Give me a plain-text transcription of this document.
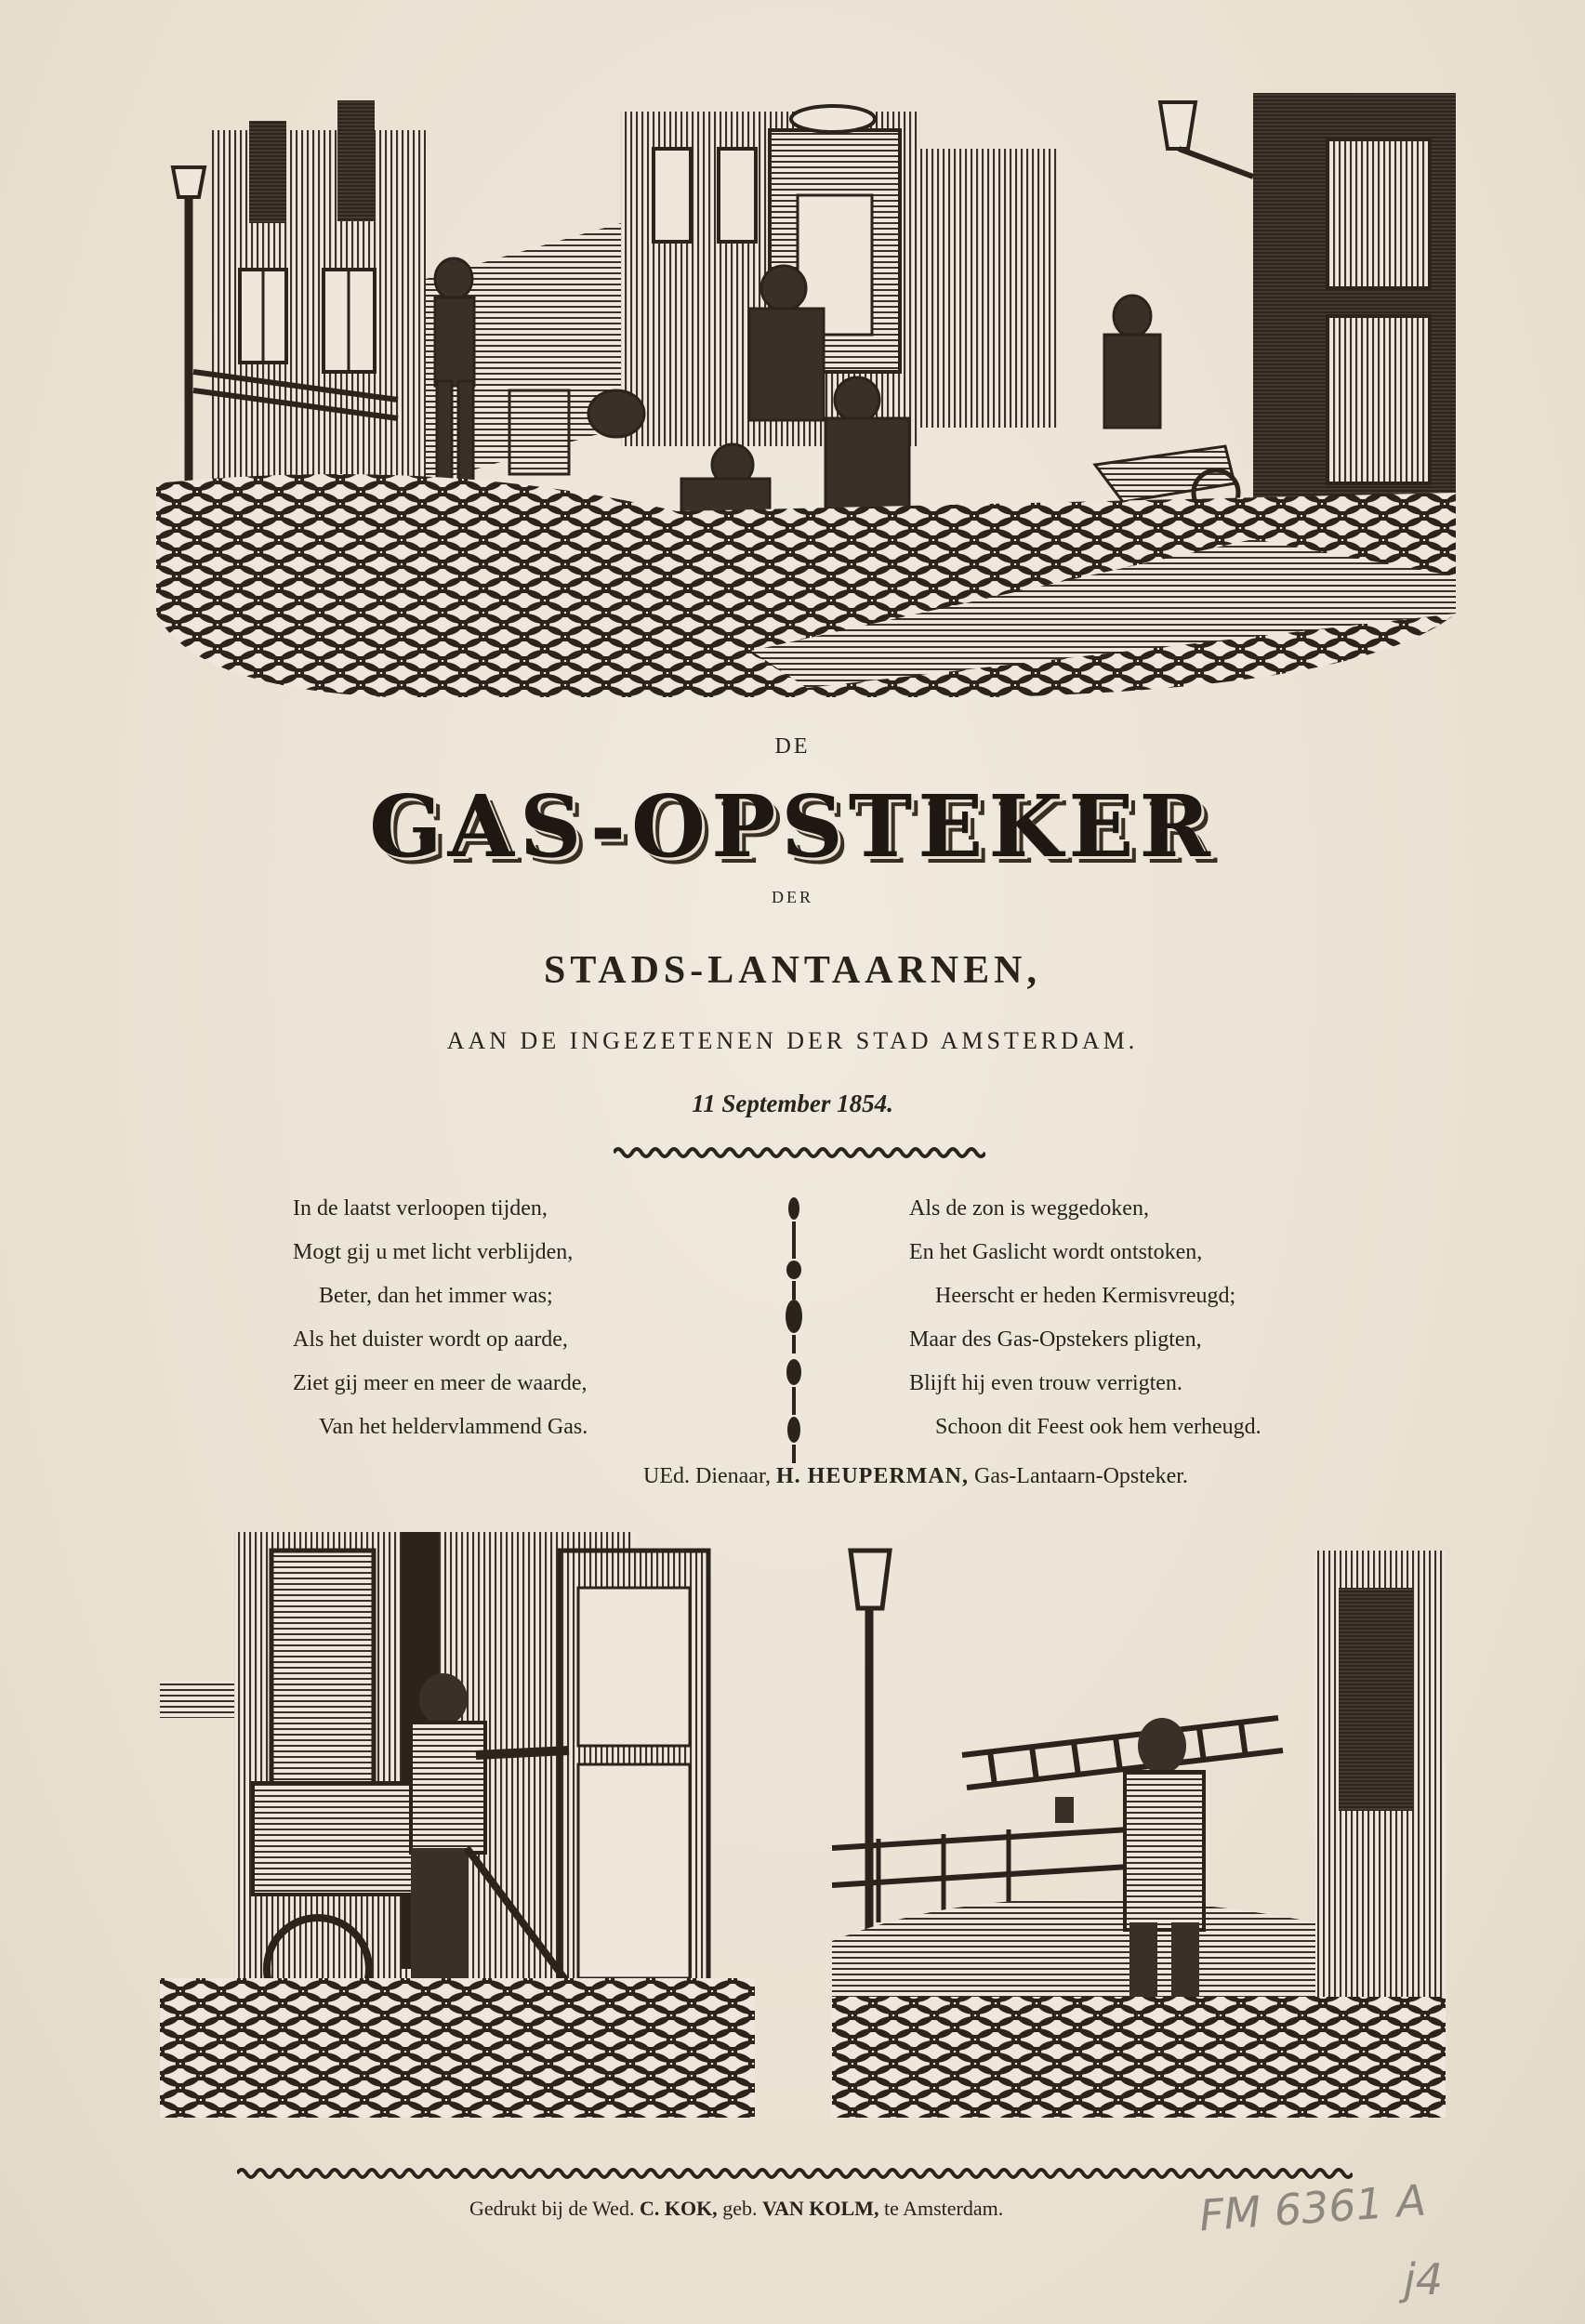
DE
GAS-OPSTEKER
DER
STADS-LANTAARNEN,
AAN DE INGEZETENEN DER STAD AMSTERDAM.
11 September 1854.
In de laatst verloopen tijden,
Mogt gij u met licht verblijden,
Beter, dan het immer was;
Als het duister wordt op aarde,
Ziet gij meer en meer de waarde,
Van het heldervlammend Gas.
Als de zon is weggedoken,
En het Gaslicht wordt ontstoken,
Heerscht er heden Kermisvreugd;
Maar des Gas-Opstekers pligten,
Blijft hij even trouw verrigten.
Schoon dit Feest ook hem verheugd.
UEd. Dienaar, H. HEUPERMAN, Gas-Lantaarn-Opsteker.
Gedrukt bij de Wed. C. KOK, geb. VAN KOLM, te Amsterdam.	FM 6361 A
j4
